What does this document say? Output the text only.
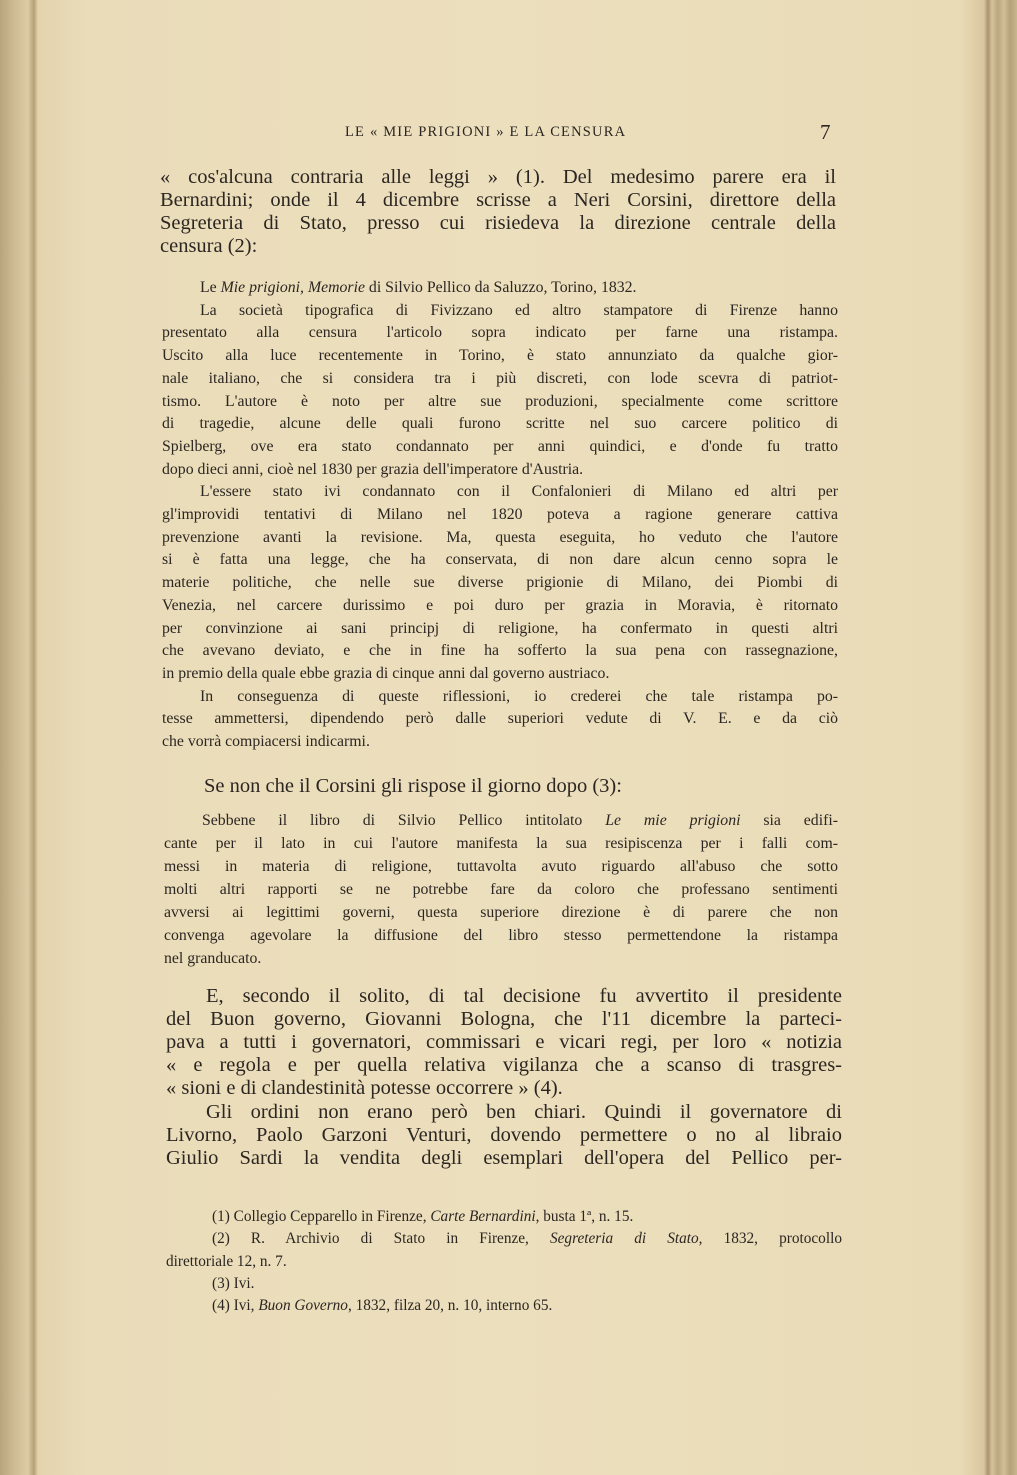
LE « MIE PRIGIONI » E LA CENSURA	7
« cos'alcuna contraria alle leggi » (1). Del medesimo parere era il
Bernardini; onde il 4 dicembre scrisse a Neri Corsini, direttore della
Segreteria di Stato, presso cui risiedeva la direzione centrale della
censura (2):
Le Mie prigioni, Memorie di Silvio Pellico da Saluzzo, Torino, 1832.
La società tipografica di Fivizzano ed altro stampatore di Firenze hanno
presentato alla censura l'articolo sopra indicato per farne una ristampa.
Uscito alla luce recentemente in Torino, è stato annunziato da qualche gior-
nale italiano, che si considera tra i più discreti, con lode scevra di patriot-
tismo. L'autore è noto per altre sue produzioni, specialmente come scrittore
di tragedie, alcune delle quali furono scritte nel suo carcere politico di
Spielberg, ove era stato condannato per anni quindici, e d'onde fu tratto
dopo dieci anni, cioè nel 1830 per grazia dell'imperatore d'Austria.
L'essere stato ivi condannato con il Confalonieri di Milano ed altri per
gl'improvidi tentativi di Milano nel 1820 poteva a ragione generare cattiva
prevenzione avanti la revisione. Ma, questa eseguita, ho veduto che l'autore
si è fatta una legge, che ha conservata, di non dare alcun cenno sopra le
materie politiche, che nelle sue diverse prigionie di Milano, dei Piombi di
Venezia, nel carcere durissimo e poi duro per grazia in Moravia, è ritornato
per convinzione ai sani principj di religione, ha confermato in questi altri
che avevano deviato, e che in fine ha sofferto la sua pena con rassegnazione,
in premio della quale ebbe grazia di cinque anni dal governo austriaco.
In conseguenza di queste riflessioni, io crederei che tale ristampa po-
tesse ammettersi, dipendendo però dalle superiori vedute di V. E. e da ciò
che vorrà compiacersi indicarmi.
Se non che il Corsini gli rispose il giorno dopo (3):
Sebbene il libro di Silvio Pellico intitolato Le mie prigioni sia edifi-
cante per il lato in cui l'autore manifesta la sua resipiscenza per i falli com-
messi in materia di religione, tuttavolta avuto riguardo all'abuso che sotto
molti altri rapporti se ne potrebbe fare da coloro che professano sentimenti
avversi ai legittimi governi, questa superiore direzione è di parere che non
convenga agevolare la diffusione del libro stesso permettendone la ristampa
nel granducato.
E, secondo il solito, di tal decisione fu avvertito il presidente
del Buon governo, Giovanni Bologna, che l'11 dicembre la parteci-
pava a tutti i governatori, commissari e vicari regi, per loro « notizia
« e regola e per quella relativa vigilanza che a scanso di trasgres-
« sioni e di clandestinità potesse occorrere » (4).
Gli ordini non erano però ben chiari. Quindi il governatore di
Livorno, Paolo Garzoni Venturi, dovendo permettere o no al libraio
Giulio Sardi la vendita degli esemplari dell'opera del Pellico per-
(1) Collegio Cepparello in Firenze, Carte Bernardini, busta 1ª, n. 15.
(2) R. Archivio di Stato in Firenze, Segreteria di Stato, 1832, protocollo
direttoriale 12, n. 7.
(3) Ivi.
(4) Ivi, Buon Governo, 1832, filza 20, n. 10, interno 65.
